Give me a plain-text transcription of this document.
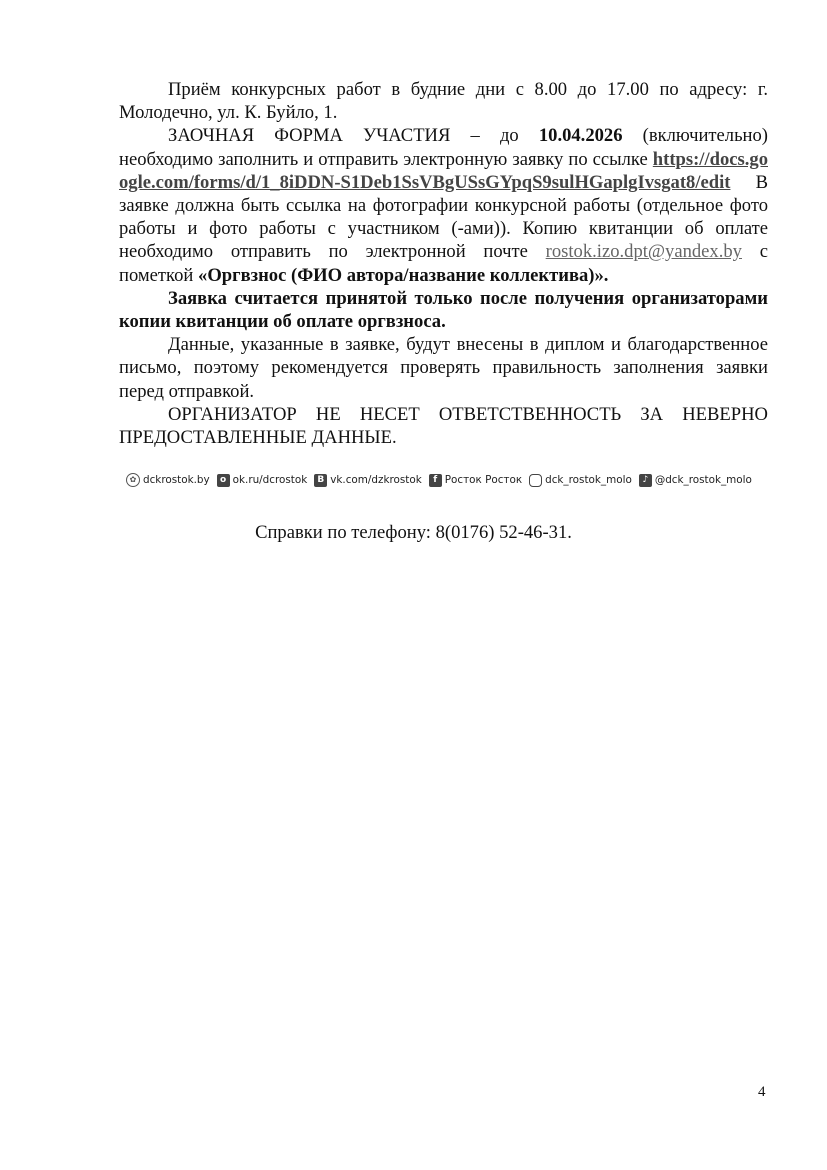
Приём конкурсных работ в будние дни с 8.00 до 17.00 по адресу: г. Молодечно, ул. К. Буйло, 1.

ЗАОЧНАЯ ФОРМА УЧАСТИЯ – до 10.04.2026 (включительно) необходимо заполнить и отправить электронную заявку по ссылке https://docs.google.com/forms/d/1_8iDDN-S1Deb1SsVBgUSsGYpqS9sulHGaplgIvsgat8/edit В заявке должна быть ссылка на фотографии конкурсной работы (отдельное фото работы и фото работы с участником (-ами)). Копию квитанции об оплате необходимо отправить по электронной почте rostok.izo.dpt@yandex.by с пометкой «Оргвзнос (ФИО автора/название коллектива)».

Заявка считается принятой только после получения организаторами копии квитанции об оплате оргвзноса.

Данные, указанные в заявке, будут внесены в диплом и благодарственное письмо, поэтому рекомендуется проверять правильность заполнения заявки перед отправкой.

ОРГАНИЗАТОР НЕ НЕСЕТ ОТВЕТСТВЕННОСТЬ ЗА НЕВЕРНО ПРЕДОСТАВЛЕННЫЕ ДАННЫЕ.

✿ dckrostok.by	о ok.ru/dcrostok	В vk.com/dzkrostok	f Росток Росток dck_rostok_molo	♪ @dck_rostok_molo
Справки по телефону: 8(0176) 52-46-31.
4
